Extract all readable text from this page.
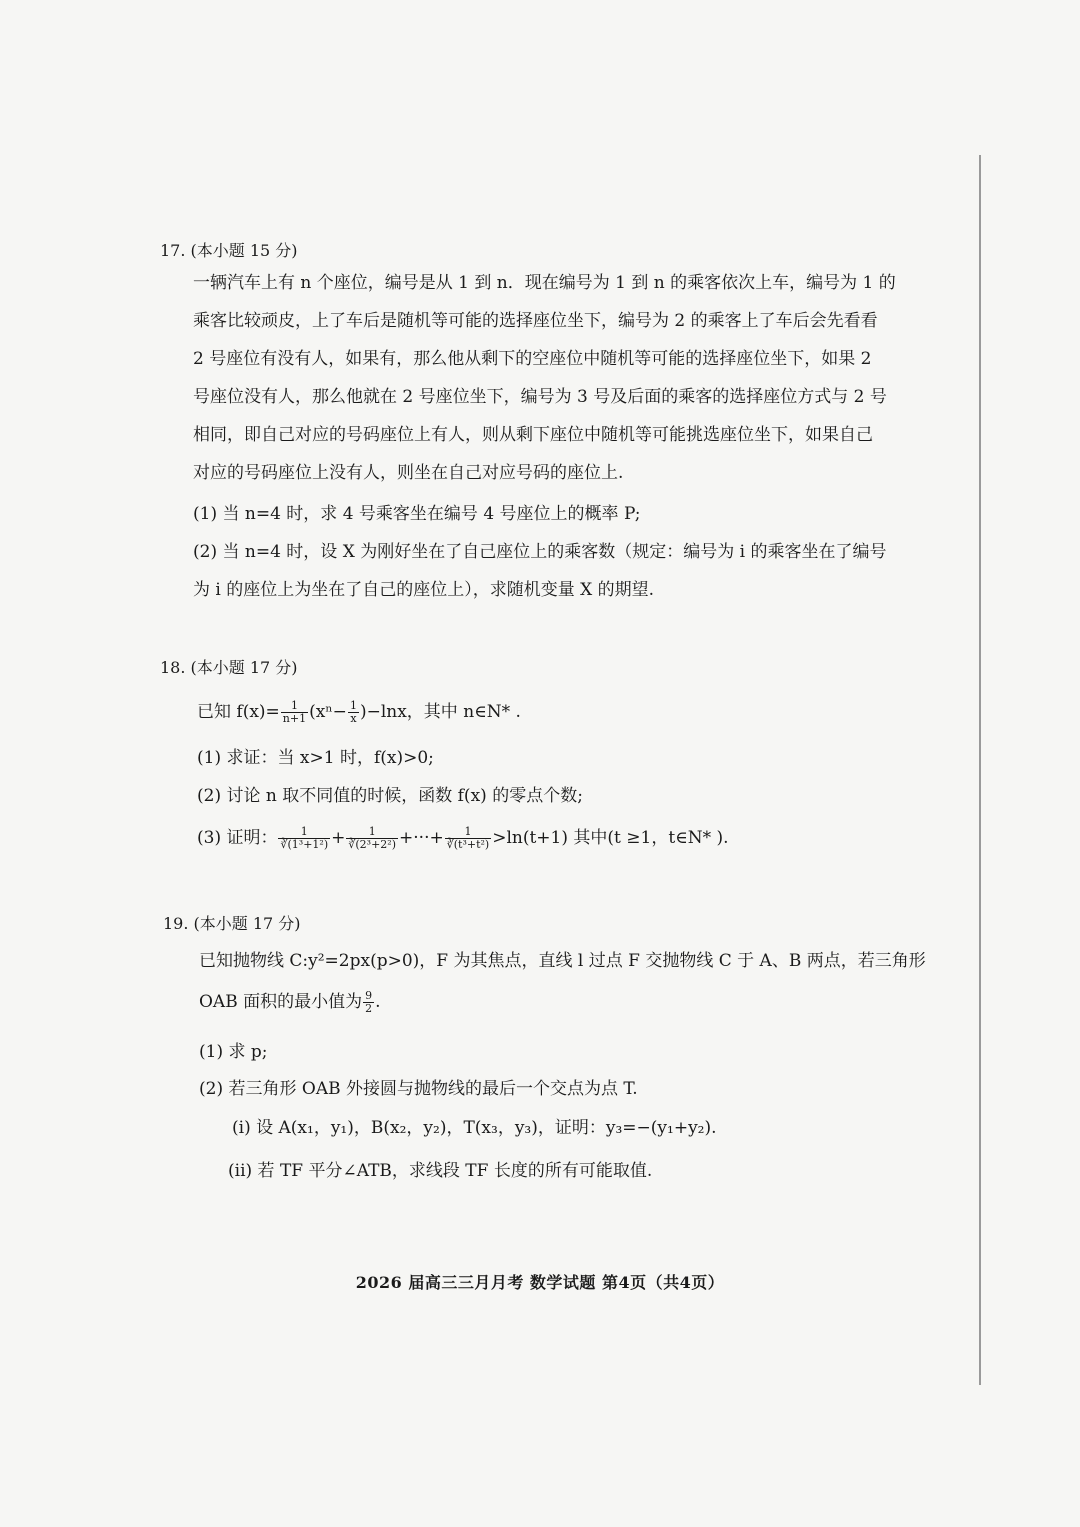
17. (本小题 15 分)
一辆汽车上有 n 个座位，编号是从 1 到 n．现在编号为 1 到 n 的乘客依次上车，编号为 1 的
乘客比较顽皮，上了车后是随机等可能的选择座位坐下，编号为 2 的乘客上了车后会先看看
2 号座位有没有人，如果有，那么他从剩下的空座位中随机等可能的选择座位坐下，如果 2
号座位没有人，那么他就在 2 号座位坐下，编号为 3 号及后面的乘客的选择座位方式与 2 号
相同，即自己对应的号码座位上有人，则从剩下座位中随机等可能挑选座位坐下，如果自己
对应的号码座位上没有人，则坐在自己对应号码的座位上.
(1) 当 n=4 时，求 4 号乘客坐在编号 4 号座位上的概率 P;
(2) 当 n=4 时，设 X 为刚好坐在了自己座位上的乘客数（规定：编号为 i 的乘客坐在了编号
为 i 的座位上为坐在了自己的座位上），求随机变量 X 的期望.
18. (本小题 17 分)
已知 $f(x)= \frac{1}{n+1} (x^n- \frac{1}{x} )-\ln x$，其中 n∈N* .
(1) 求证：当 x>1 时，f(x)>0;
(2) 讨论 n 取不同值的时候，函数 f(x) 的零点个数;
(3) 证明： $\frac{1}{\text{∛(1³+1²)}} + \frac{1}{\text{∛(2³+2²)}}$ +···+ $\frac{1}{\text{∛(t³+t²)}} >\ln(t+1)$ 其中(t ≥1，t∈N* ).
19. (本小题 17 分)
已知抛物线 C:y²=2px(p>0)，F 为其焦点，直线 l 过点 F 交抛物线 C 于 A、B 两点，若三角形
OAB 面积的最小值为 $\frac{9}{2}$ .
(1) 求 p;
(2) 若三角形 OAB 外接圆与抛物线的最后一个交点为点 T.
(i) 设 A(x₁，y₁)，B(x₂，y₂)，T(x₃，y₃)，证明：y₃=−(y₁+y₂).
(ii) 若 TF 平分∠ATB，求线段 TF 长度的所有可能取值.
2026 届高三三月月考 数学试题 第4页（共4页）
